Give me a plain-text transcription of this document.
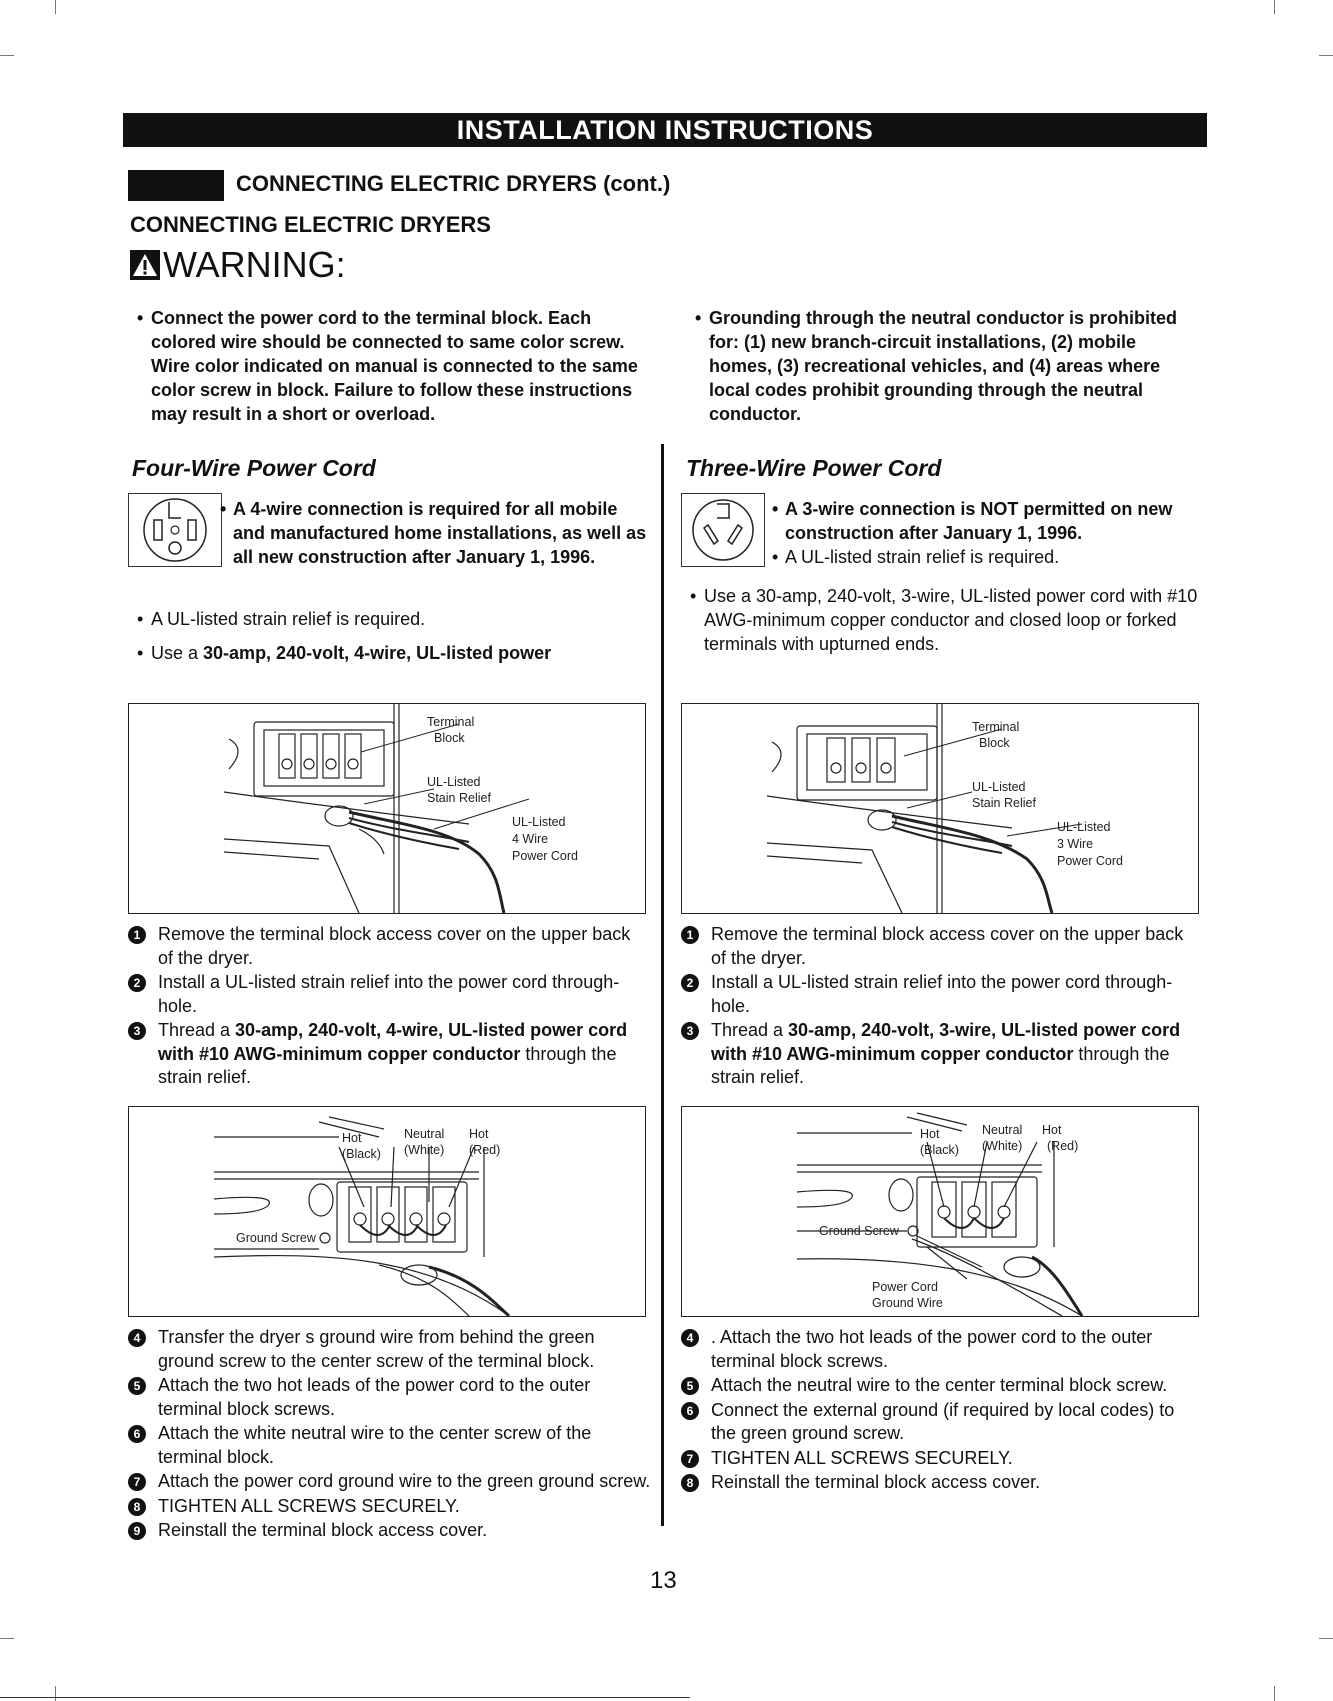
INSTALLATION INSTRUCTIONS
CONNECTING ELECTRIC DRYERS (cont.)
CONNECTING ELECTRIC DRYERS
WARNING:
• Connect the power cord to the terminal block. Each colored wire should be connected to same color screw. Wire color indicated on manual is connected to the same color screw in block. Failure to follow these instructions may result in a short or overload.
• Grounding through the neutral conductor is prohibited for: (1) new branch-circuit installations, (2) mobile homes, (3) recreational vehicles, and (4) areas where local codes prohibit grounding through the neutral conductor.
Four-Wire Power Cord
• A 4-wire connection is required for all mobile and manufactured home installations, as well as all new construction after January 1, 1996.
• A UL-listed strain relief is required.
• Use a 30-amp, 240-volt, 4-wire, UL-listed power
Terminal
Block
UL-Listed
Stain Relief
UL-Listed
4 Wire
Power Cord
1 Remove the terminal block access cover on the upper back of the dryer.
2 Install a UL-listed strain relief into the power cord through-hole.
3 Thread a 30-amp, 240-volt, 4-wire, UL-listed power cord with #10 AWG-minimum copper conductor through the strain relief.
Hot
(Black)
Neutral
(White)
Hot
(Red)
Ground Screw
4 Transfer the dryer s ground wire from behind the green ground screw to the center screw of the terminal block.
5 Attach the two hot leads of the power cord to the outer terminal block screws.
6 Attach the white neutral wire to the center screw of the terminal block.
7 Attach the power cord ground wire to the green ground screw.
8 TIGHTEN ALL SCREWS SECURELY.
9 Reinstall the terminal block access cover.
Three-Wire Power Cord
• A 3-wire connection is NOT permitted on new construction after January 1, 1996.
• A UL-listed strain relief is required.
• Use a 30-amp, 240-volt, 3-wire, UL-listed power cord with #10 AWG-minimum copper conductor and closed loop or forked terminals with upturned ends.
Terminal
Block
UL-Listed
Stain Relief
UL-Listed
3 Wire
Power Cord
1 Remove the terminal block access cover on the upper back of the dryer.
2 Install a UL-listed strain relief into the power cord through-hole.
3 Thread a 30-amp, 240-volt, 3-wire, UL-listed power cord with #10 AWG-minimum copper conductor through the strain relief.
Hot
(Black)
Neutral
(White)
Hot
(Red)
Ground Screw
Power Cord
Ground Wire
4 . Attach the two hot leads of the power cord to the outer terminal block screws.
5 Attach the neutral wire to the center terminal block screw.
6 Connect the external ground (if required by local codes) to the green ground screw.
7 TIGHTEN ALL SCREWS SECURELY.
8 Reinstall the terminal block access cover.
13
